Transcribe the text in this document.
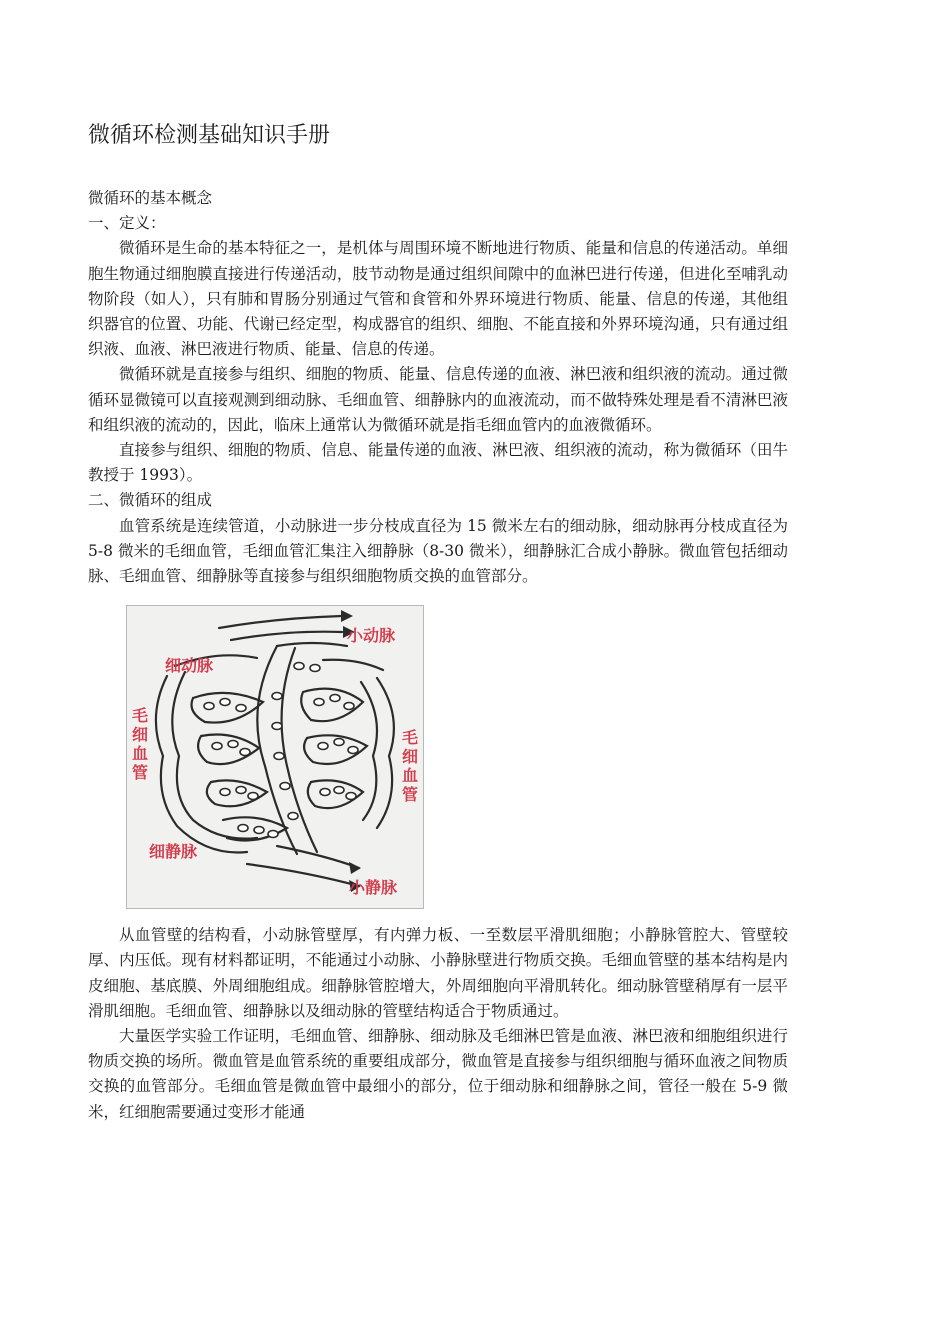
微循环检测基础知识手册

微循环的基本概念

一、定义：

微循环是生命的基本特征之一，是机体与周围环境不断地进行物质、能量和信息的传递活动。单细胞生物通过细胞膜直接进行传递活动，肢节动物是通过组织间隙中的血淋巴进行传递，但进化至哺乳动物阶段（如人），只有肺和胃肠分别通过气管和食管和外界环境进行物质、能量、信息的传递，其他组织器官的位置、功能、代谢已经定型，构成器官的组织、细胞、不能直接和外界环境沟通，只有通过组织液、血液、淋巴液进行物质、能量、信息的传递。

微循环就是直接参与组织、细胞的物质、能量、信息传递的血液、淋巴液和组织液的流动。通过微循环显微镜可以直接观测到细动脉、毛细血管、细静脉内的血液流动，而不做特殊处理是看不清淋巴液和组织液的流动的，因此，临床上通常认为微循环就是指毛细血管内的血液微循环。

直接参与组织、细胞的物质、信息、能量传递的血液、淋巴液、组织液的流动，称为微循环（田牛教授于 1993）。

二、微循环的组成

血管系统是连续管道，小动脉进一步分枝成直径为 15 微米左右的细动脉，细动脉再分枝成直径为 5-8 微米的毛细血管，毛细血管汇集注入细静脉（8-30 微米），细静脉汇合成小静脉。微血管包括细动脉、毛细血管、细静脉等直接参与组织细胞物质交换的血管部分。

小动脉
细动脉
毛细血管
毛细血管
细静脉
小静脉

从血管壁的结构看，小动脉管壁厚，有内弹力板、一至数层平滑肌细胞；小静脉管腔大、管壁较厚、内压低。现有材料都证明，不能通过小动脉、小静脉壁进行物质交换。毛细血管壁的基本结构是内皮细胞、基底膜、外周细胞组成。细静脉管腔增大，外周细胞向平滑肌转化。细动脉管壁稍厚有一层平滑肌细胞。毛细血管、细静脉以及细动脉的管壁结构适合于物质通过。

大量医学实验工作证明，毛细血管、细静脉、细动脉及毛细淋巴管是血液、淋巴液和细胞组织进行物质交换的场所。微血管是血管系统的重要组成部分，微血管是直接参与组织细胞与循环血液之间物质交换的血管部分。毛细血管是微血管中最细小的部分，位于细动脉和细静脉之间，管径一般在 5-9 微米，红细胞需要通过变形才能通
